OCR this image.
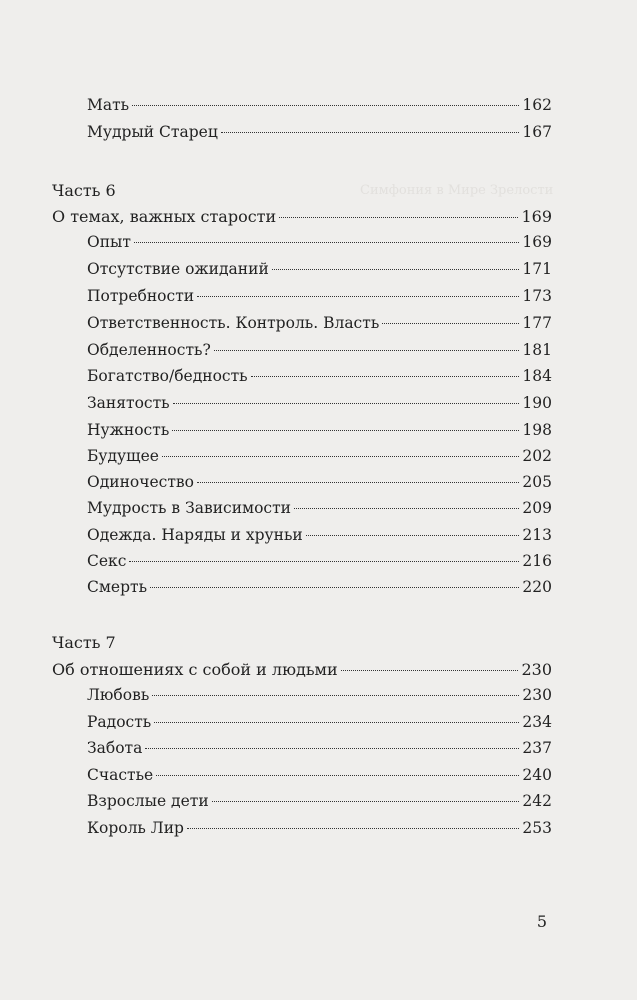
Симфония в Мире Зрелости
Мать	162
Мудрый Старец	167
Часть 6
О темах, важных старости	169
Опыт	169
Отсутствие ожиданий	171
Потребности	173
Ответственность. Контроль. Власть	177
Обделенность?	181
Богатство/бедность	184
Занятость	190
Нужность	198
Будущее	202
Одиночество	205
Мудрость в Зависимости	209
Одежда. Наряды и хруньи	213
Секс	216
Смерть	220
Часть 7
Об отношениях с собой и людьми	230
Любовь	230
Радость	234
Забота	237
Счастье	240
Взрослые дети	242
Король Лир	253
5
